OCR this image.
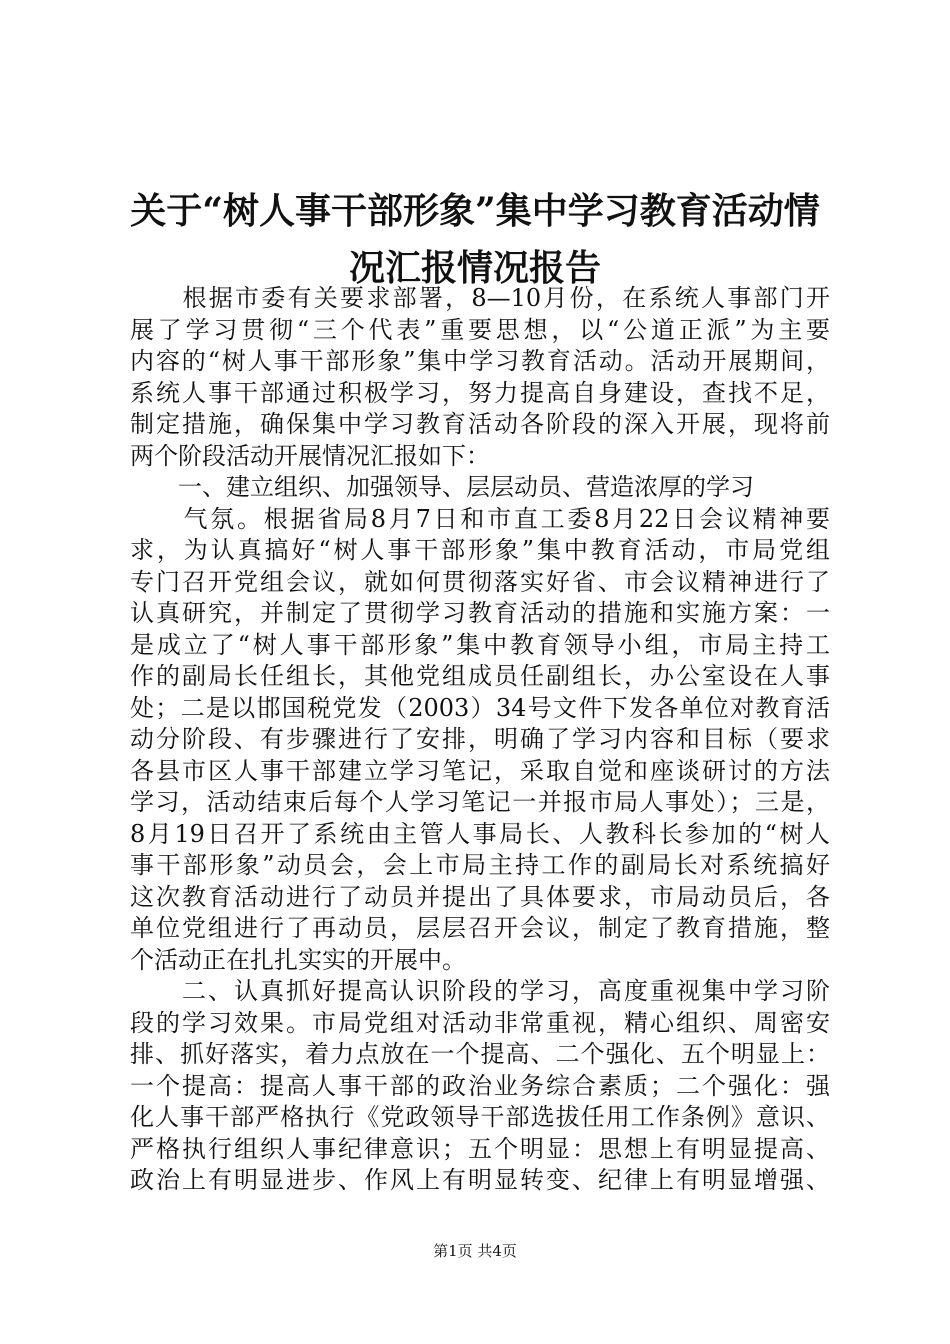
关于“树人事干部形象”集中学习教育活动情
况汇报情况报告
　　根据市委有关要求部署，8—10月份，在系统人事部门开
展了学习贯彻“三个代表”重要思想，以“公道正派”为主要
内容的“树人事干部形象”集中学习教育活动。活动开展期间，
系统人事干部通过积极学习，努力提高自身建设，查找不足，
制定措施，确保集中学习教育活动各阶段的深入开展，现将前
两个阶段活动开展情况汇报如下：
　　一、建立组织、加强领导、层层动员、营造浓厚的学习
　　气氛。根据省局8月7日和市直工委8月22日会议精神要
求，为认真搞好“树人事干部形象”集中教育活动，市局党组
专门召开党组会议，就如何贯彻落实好省、市会议精神进行了
认真研究，并制定了贯彻学习教育活动的措施和实施方案：一
是成立了“树人事干部形象”集中教育领导小组，市局主持工
作的副局长任组长，其他党组成员任副组长，办公室设在人事
处；二是以邯国税党发（2003）34号文件下发各单位对教育活
动分阶段、有步骤进行了安排，明确了学习内容和目标（要求
各县市区人事干部建立学习笔记，采取自觉和座谈研讨的方法
学习，活动结束后每个人学习笔记一并报市局人事处）；三是，
8月19日召开了系统由主管人事局长、人教科长参加的“树人
事干部形象”动员会，会上市局主持工作的副局长对系统搞好
这次教育活动进行了动员并提出了具体要求，市局动员后，各
单位党组进行了再动员，层层召开会议，制定了教育措施，整
个活动正在扎扎实实的开展中。
　　二、认真抓好提高认识阶段的学习，高度重视集中学习阶
段的学习效果。市局党组对活动非常重视，精心组织、周密安
排、抓好落实，着力点放在一个提高、二个强化、五个明显上：
一个提高：提高人事干部的政治业务综合素质；二个强化：强
化人事干部严格执行《党政领导干部选拔任用工作条例》意识、
严格执行组织人事纪律意识；五个明显：思想上有明显提高、
政治上有明显进步、作风上有明显转变、纪律上有明显增强、
第1页 共4页
